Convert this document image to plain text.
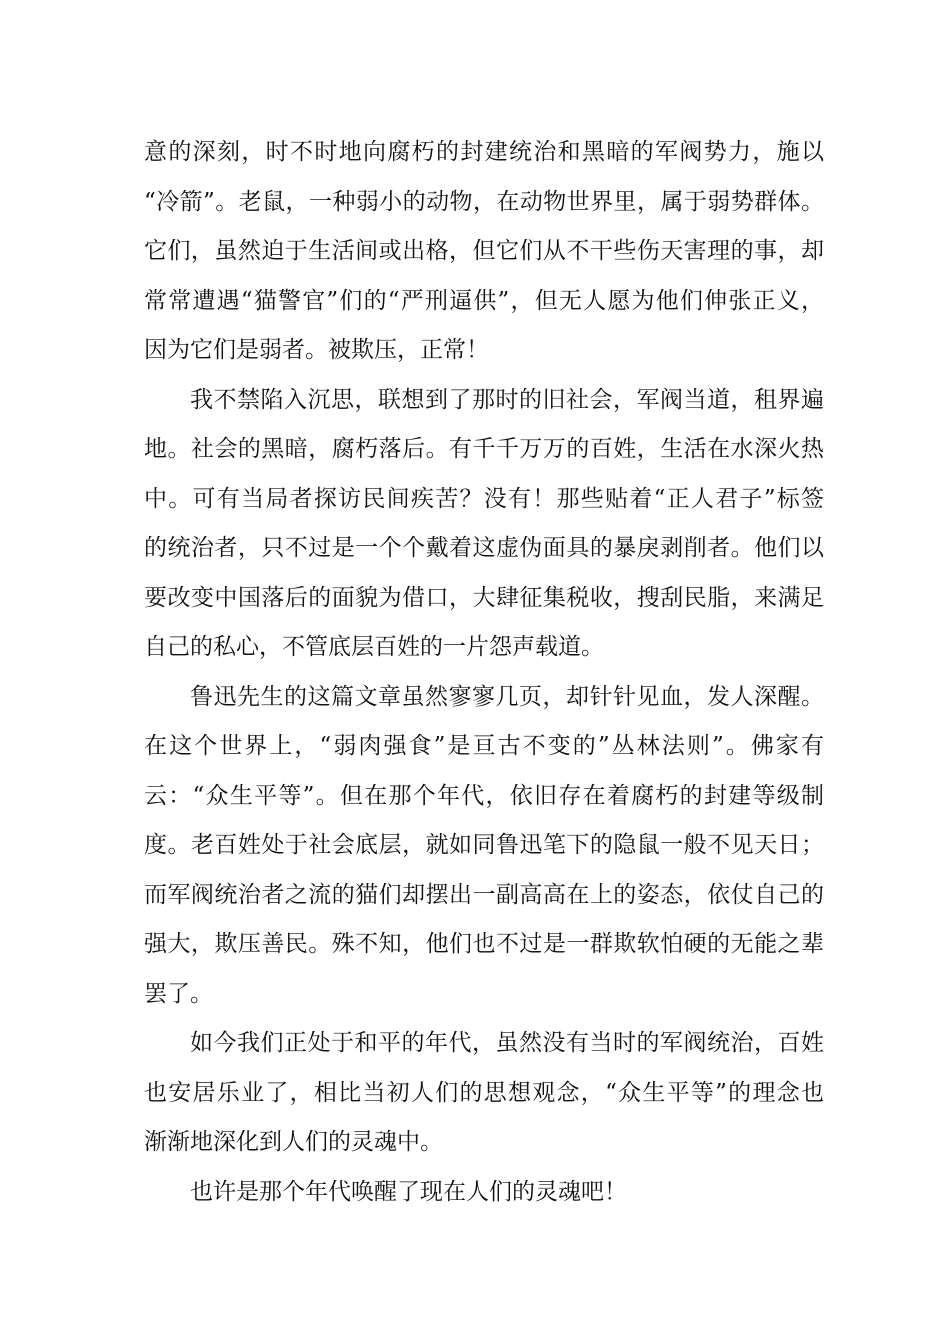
意的深刻，时不时地向腐朽的封建统治和黑暗的军阀势力，施以
“冷箭”。老鼠，一种弱小的动物，在动物世界里，属于弱势群体。
它们，虽然迫于生活间或出格，但它们从不干些伤天害理的事，却
常常遭遇“猫警官”们的“严刑逼供”，但无人愿为他们伸张正义，
因为它们是弱者。被欺压，正常！

我不禁陷入沉思，联想到了那时的旧社会，军阀当道，租界遍
地。社会的黑暗，腐朽落后。有千千万万的百姓，生活在水深火热
中。可有当局者探访民间疾苦？没有！那些贴着“正人君子”标签
的统治者，只不过是一个个戴着这虚伪面具的暴戾剥削者。他们以
要改变中国落后的面貌为借口，大肆征集税收，搜刮民脂，来满足
自己的私心，不管底层百姓的一片怨声载道。

鲁迅先生的这篇文章虽然寥寥几页，却针针见血，发人深醒。
在这个世界上，“弱肉强食”是亘古不变的”丛林法则”。佛家有
云：“众生平等”。但在那个年代，依旧存在着腐朽的封建等级制
度。老百姓处于社会底层，就如同鲁迅笔下的隐鼠一般不见天日；
而军阀统治者之流的猫们却摆出一副高高在上的姿态，依仗自己的
强大，欺压善民。殊不知，他们也不过是一群欺软怕硬的无能之辈
罢了。

如今我们正处于和平的年代，虽然没有当时的军阀统治，百姓
也安居乐业了，相比当初人们的思想观念，“众生平等”的理念也
渐渐地深化到人们的灵魂中。

也许是那个年代唤醒了现在人们的灵魂吧！
